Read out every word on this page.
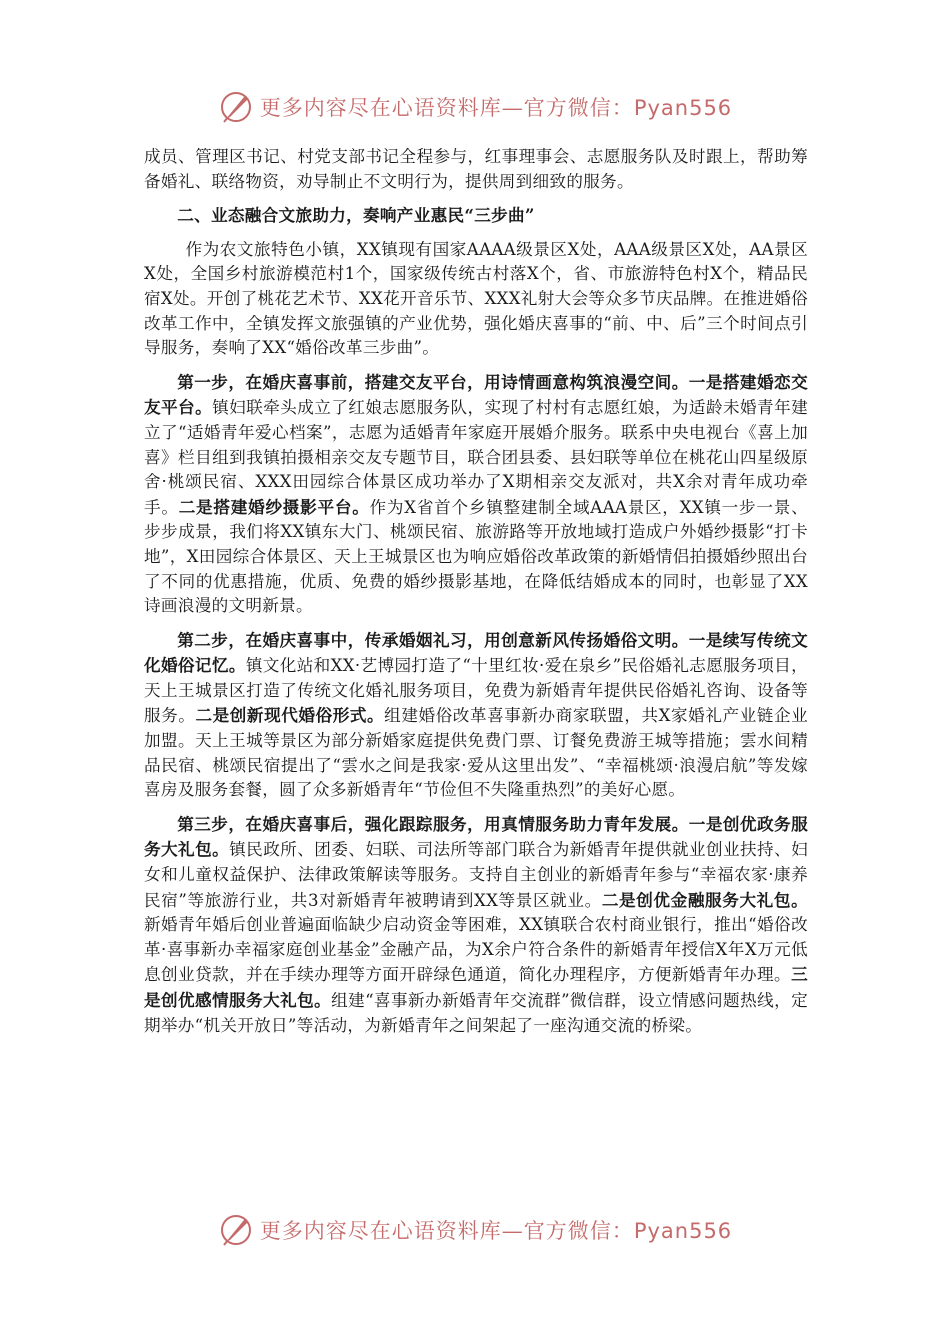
更多内容尽在心语资料库—官方微信：Pyan556

成员、管理区书记、村党支部书记全程参与，红事理事会、志愿服务队及时跟上，帮助筹备婚礼、联络物资，劝导制止不文明行为，提供周到细致的服务。

二、业态融合文旅助力，奏响产业惠民“三步曲”

作为农文旅特色小镇，XX镇现有国家AAAA级景区X处，AAA级景区X处，AA景区X处，全国乡村旅游模范村1个，国家级传统古村落X个，省、市旅游特色村X个，精品民宿X处。开创了桃花艺术节、XX花开音乐节、XXX礼射大会等众多节庆品牌。在推进婚俗改革工作中，全镇发挥文旅强镇的产业优势，强化婚庆喜事的“前、中、后”三个时间点引导服务，奏响了XX“婚俗改革三步曲”。

第一步，在婚庆喜事前，搭建交友平台，用诗情画意构筑浪漫空间。一是搭建婚恋交友平台。镇妇联牵头成立了红娘志愿服务队，实现了村村有志愿红娘，为适龄未婚青年建立了“适婚青年爱心档案”，志愿为适婚青年家庭开展婚介服务。联系中央电视台《喜上加喜》栏目组到我镇拍摄相亲交友专题节目，联合团县委、县妇联等单位在桃花山四星级原舍·桃颂民宿、XXX田园综合体景区成功举办了X期相亲交友派对，共X余对青年成功牵手。二是搭建婚纱摄影平台。作为X省首个乡镇整建制全域AAA景区，XX镇一步一景、步步成景，我们将XX镇东大门、桃颂民宿、旅游路等开放地域打造成户外婚纱摄影“打卡地”，X田园综合体景区、天上王城景区也为响应婚俗改革政策的新婚情侣拍摄婚纱照出台了不同的优惠措施，优质、免费的婚纱摄影基地，在降低结婚成本的同时，也彰显了XX诗画浪漫的文明新景。

第二步，在婚庆喜事中，传承婚姻礼习，用创意新风传扬婚俗文明。一是续写传统文化婚俗记忆。镇文化站和XX·艺博园打造了“十里红妆·爱在泉乡”民俗婚礼志愿服务项目，天上王城景区打造了传统文化婚礼服务项目，免费为新婚青年提供民俗婚礼咨询、设备等服务。二是创新现代婚俗形式。组建婚俗改革喜事新办商家联盟，共X家婚礼产业链企业加盟。天上王城等景区为部分新婚家庭提供免费门票、订餐免费游王城等措施；雲水间精品民宿、桃颂民宿提出了“雲水之间是我家·爱从这里出发”、“幸福桃颂·浪漫启航”等发嫁喜房及服务套餐，圆了众多新婚青年“节俭但不失隆重热烈”的美好心愿。

第三步，在婚庆喜事后，强化跟踪服务，用真情服务助力青年发展。一是创优政务服务大礼包。镇民政所、团委、妇联、司法所等部门联合为新婚青年提供就业创业扶持、妇女和儿童权益保护、法律政策解读等服务。支持自主创业的新婚青年参与“幸福农家·康养民宿”等旅游行业，共3对新婚青年被聘请到XX等景区就业。二是创优金融服务大礼包。新婚青年婚后创业普遍面临缺少启动资金等困难，XX镇联合农村商业银行，推出“婚俗改革·喜事新办幸福家庭创业基金”金融产品，为X余户符合条件的新婚青年授信X年X万元低息创业贷款，并在手续办理等方面开辟绿色通道，简化办理程序，方便新婚青年办理。三是创优感情服务大礼包。组建“喜事新办新婚青年交流群”微信群，设立情感问题热线，定期举办“机关开放日”等活动，为新婚青年之间架起了一座沟通交流的桥梁。

更多内容尽在心语资料库—官方微信：Pyan556
